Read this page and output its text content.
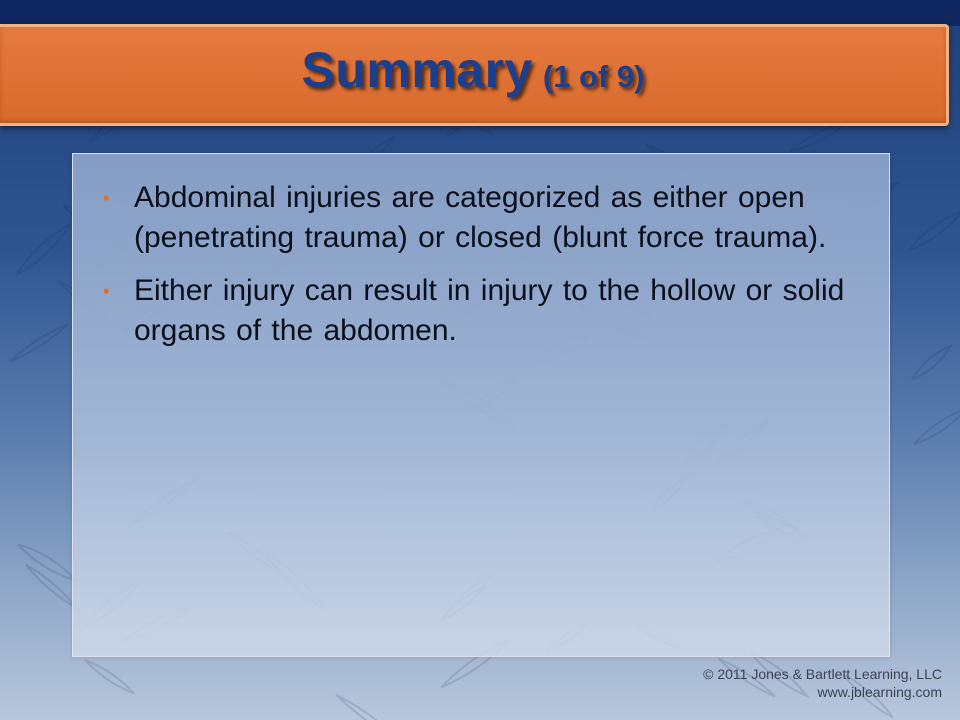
Summary (1 of 9)
• Abdominal injuries are categorized as either open (penetrating trauma) or closed (blunt force trauma).
• Either injury can result in injury to the hollow or solid organs of the abdomen.
© 2011 Jones & Bartlett Learning, LLC
www.jblearning.com
